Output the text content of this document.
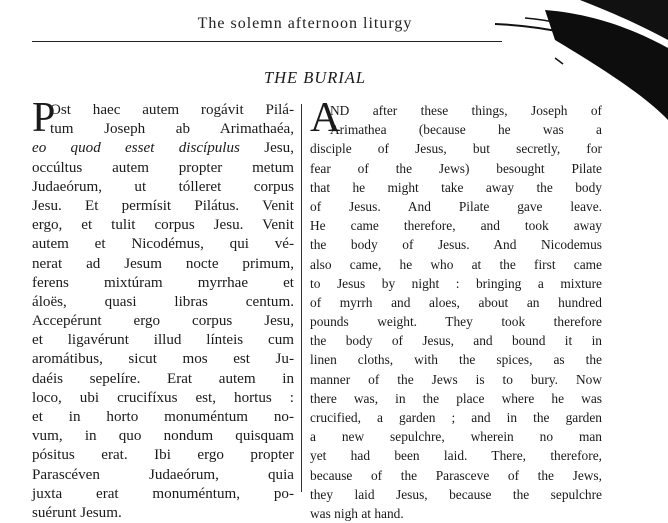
The solemn afternoon liturgy
THE BURIAL
P
Ost haec autem rogávit Pilá-
tum Joseph ab Arimathaéa,
eo quod esset discípulus Jesu,
occúltus autem propter metum
Judaeórum, ut tólleret corpus
Jesu. Et permísit Pilátus. Venit
ergo, et tulit corpus Jesu. Venit
autem et Nicodémus, qui vé-
nerat ad Jesum nocte primum,
ferens mixtúram myrrhae et
áloës, quasi libras centum.
Accepérunt ergo corpus Jesu,
et ligavérunt illud línteis cum
aromátibus, sicut mos est Ju-
daéis sepelíre. Erat autem in
loco, ubi crucifíxus est, hortus :
et in horto monuméntum no-
vum, in quo nondum quisquam
pósitus erat. Ibi ergo propter
Parascéven Judaeórum, quia
juxta erat monuméntum, po-
suérunt Jesum.
A
ND after these things, Joseph of
Arimathea (because he was a
disciple of Jesus, but secretly, for
fear of the Jews) besought Pilate
that he might take away the body
of Jesus. And Pilate gave leave.
He came therefore, and took away
the body of Jesus. And Nicodemus
also came, he who at the first came
to Jesus by night : bringing a mixture
of myrrh and aloes, about an hundred
pounds weight. They took therefore
the body of Jesus, and bound it in
linen cloths, with the spices, as the
manner of the Jews is to bury. Now
there was, in the place where he was
crucified, a garden ; and in the garden
a new sepulchre, wherein no man
yet had been laid. There, therefore,
because of the Parasceve of the Jews,
they laid Jesus, because the sepulchre
was nigh at hand.
